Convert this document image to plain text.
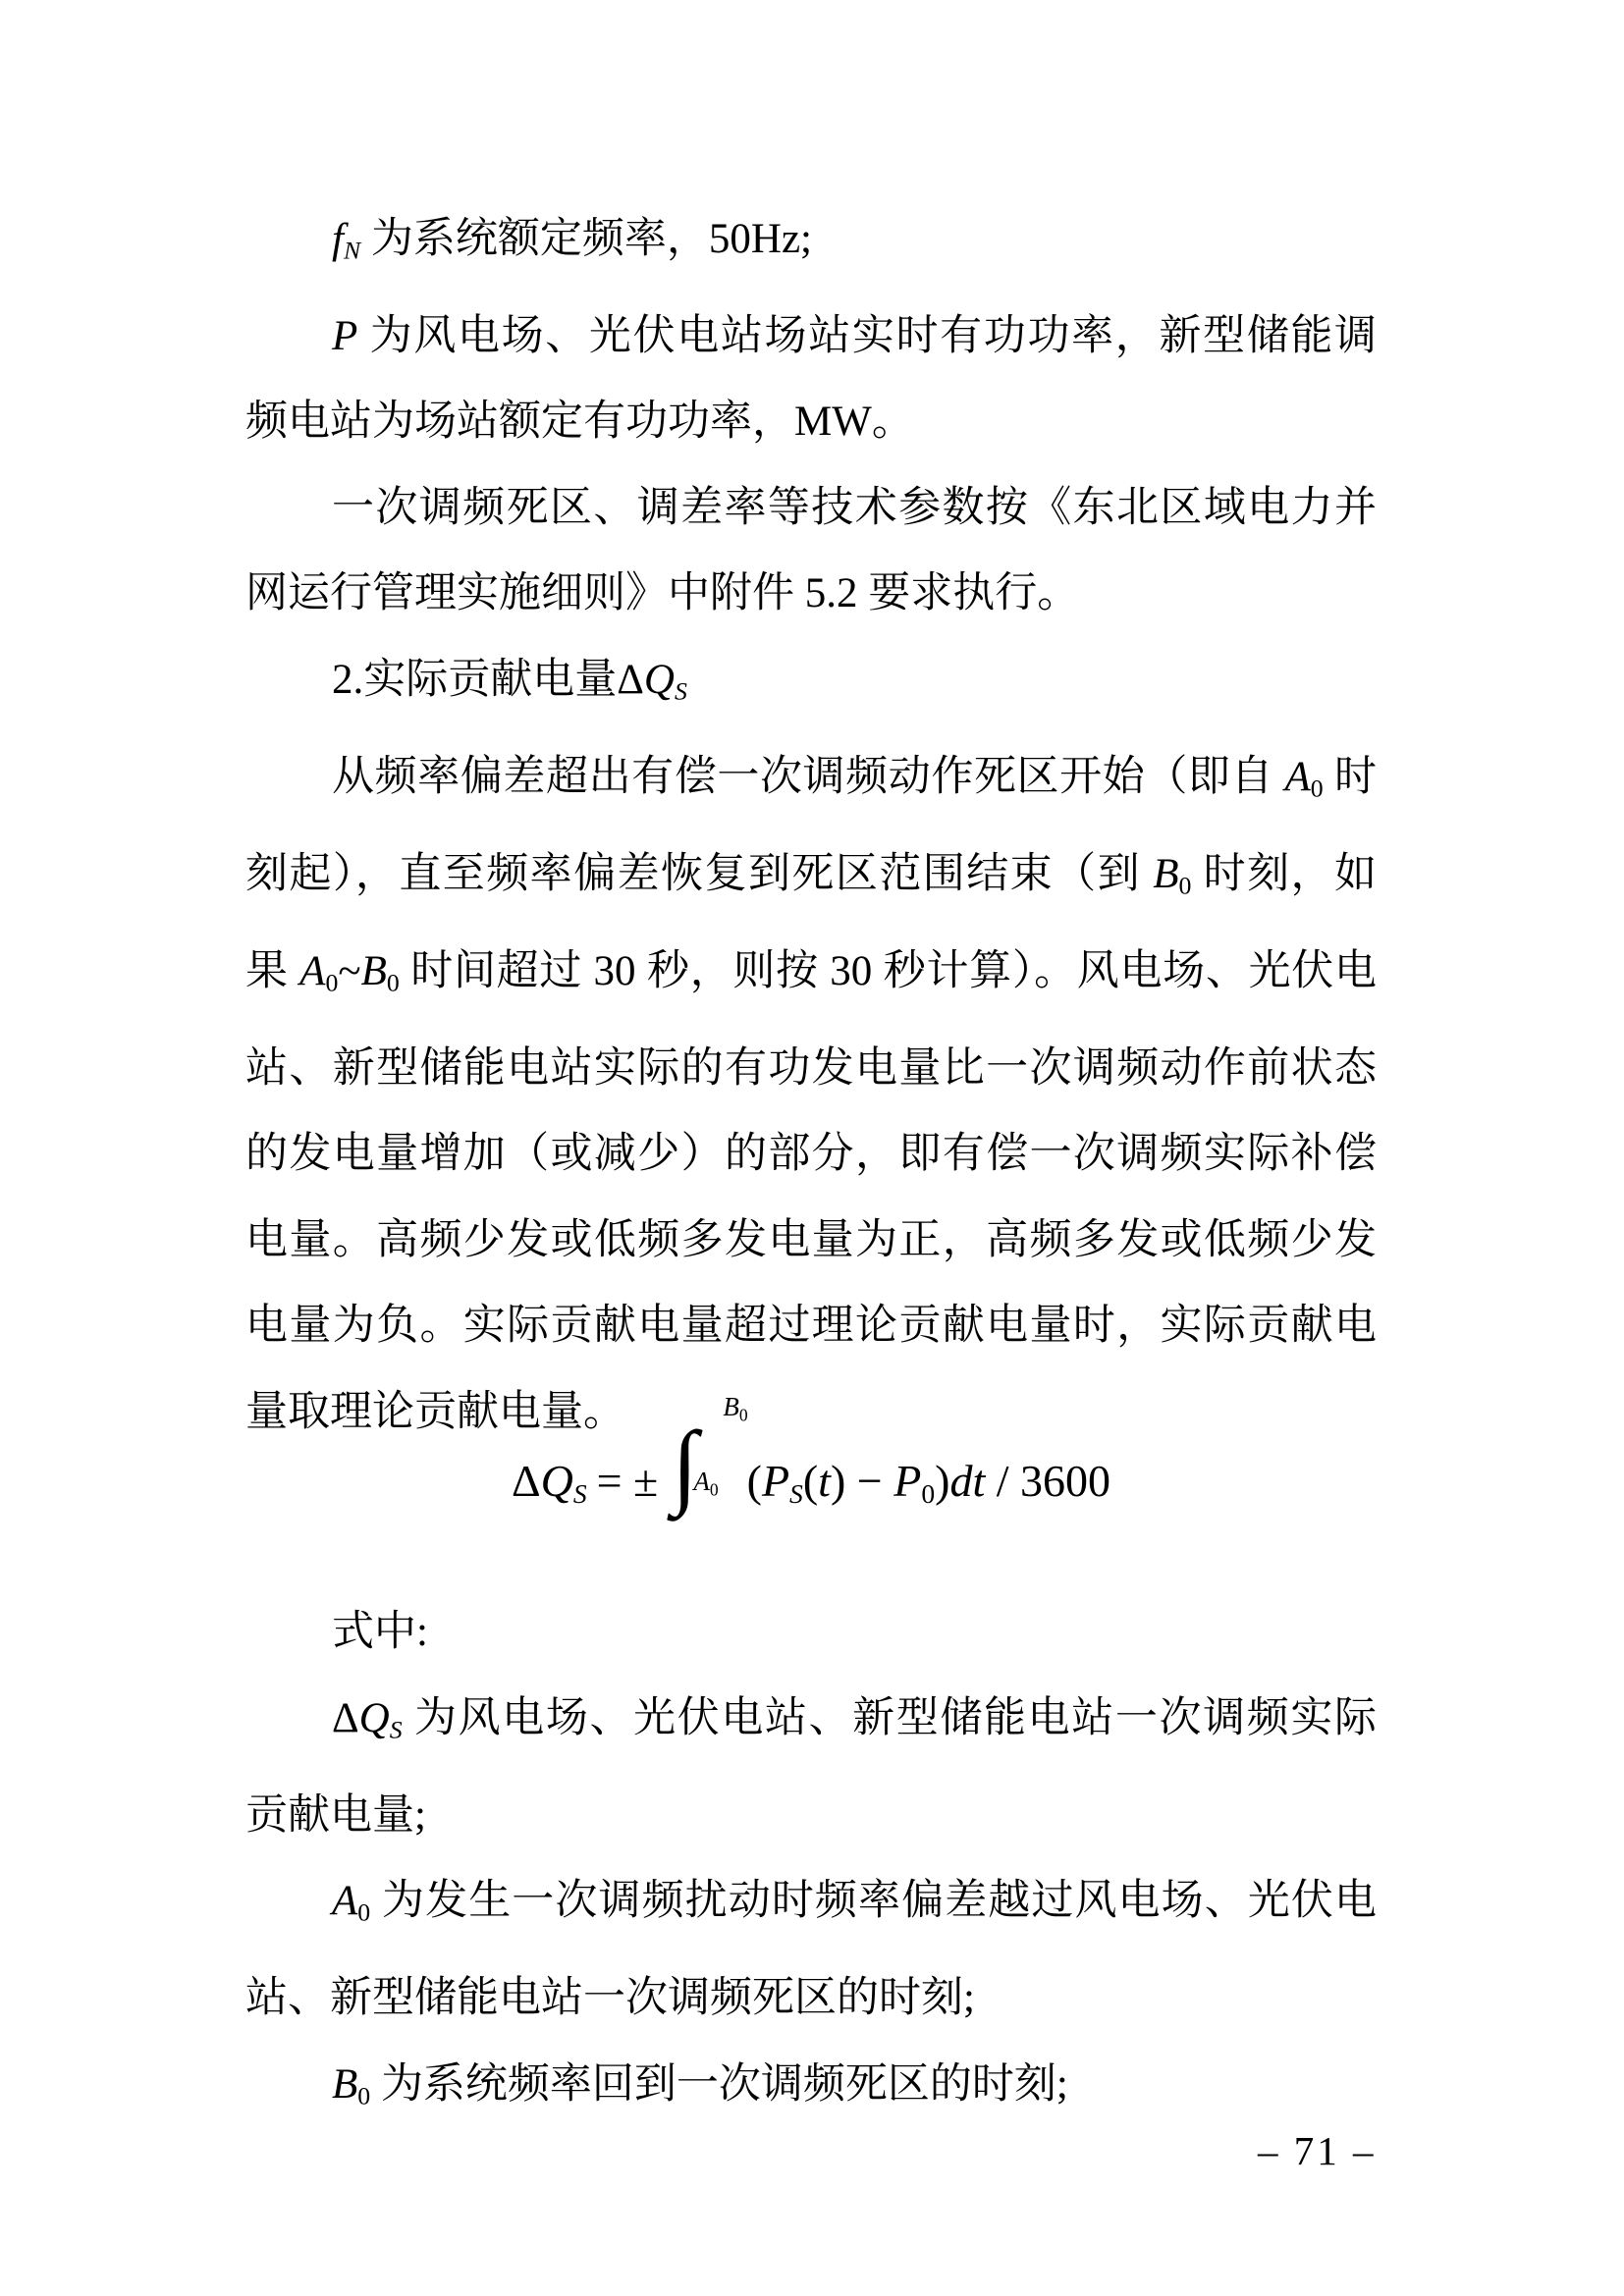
fN 为系统额定频率，50Hz;

P 为风电场、光伏电站场站实时有功功率，新型储能调频电站为场站额定有功功率，MW。

一次调频死区、调差率等技术参数按《东北区域电力并网运行管理实施细则》中附件 5.2 要求执行。

2.实际贡献电量ΔQS

从频率偏差超出有偿一次调频动作死区开始（即自 A0 时刻起），直至频率偏差恢复到死区范围结束（到 B0 时刻，如果 A0~B0 时间超过 30 秒，则按 30 秒计算）。风电场、光伏电站、新型储能电站实际的有功发电量比一次调频动作前状态的发电量增加（或减少）的部分，即有偿一次调频实际补偿电量。高频少发或低频多发电量为正，高频多发或低频少发电量为负。实际贡献电量超过理论贡献电量时，实际贡献电量取理论贡献电量。

ΔQS = ± ∫
B0
A0 (PS(t) − P0)dt / 3600

式中:

ΔQS 为风电场、光伏电站、新型储能电站一次调频实际贡献电量;

A0 为发生一次调频扰动时频率偏差越过风电场、光伏电站、新型储能电站一次调频死区的时刻;

B0 为系统频率回到一次调频死区的时刻;

– 71 –
